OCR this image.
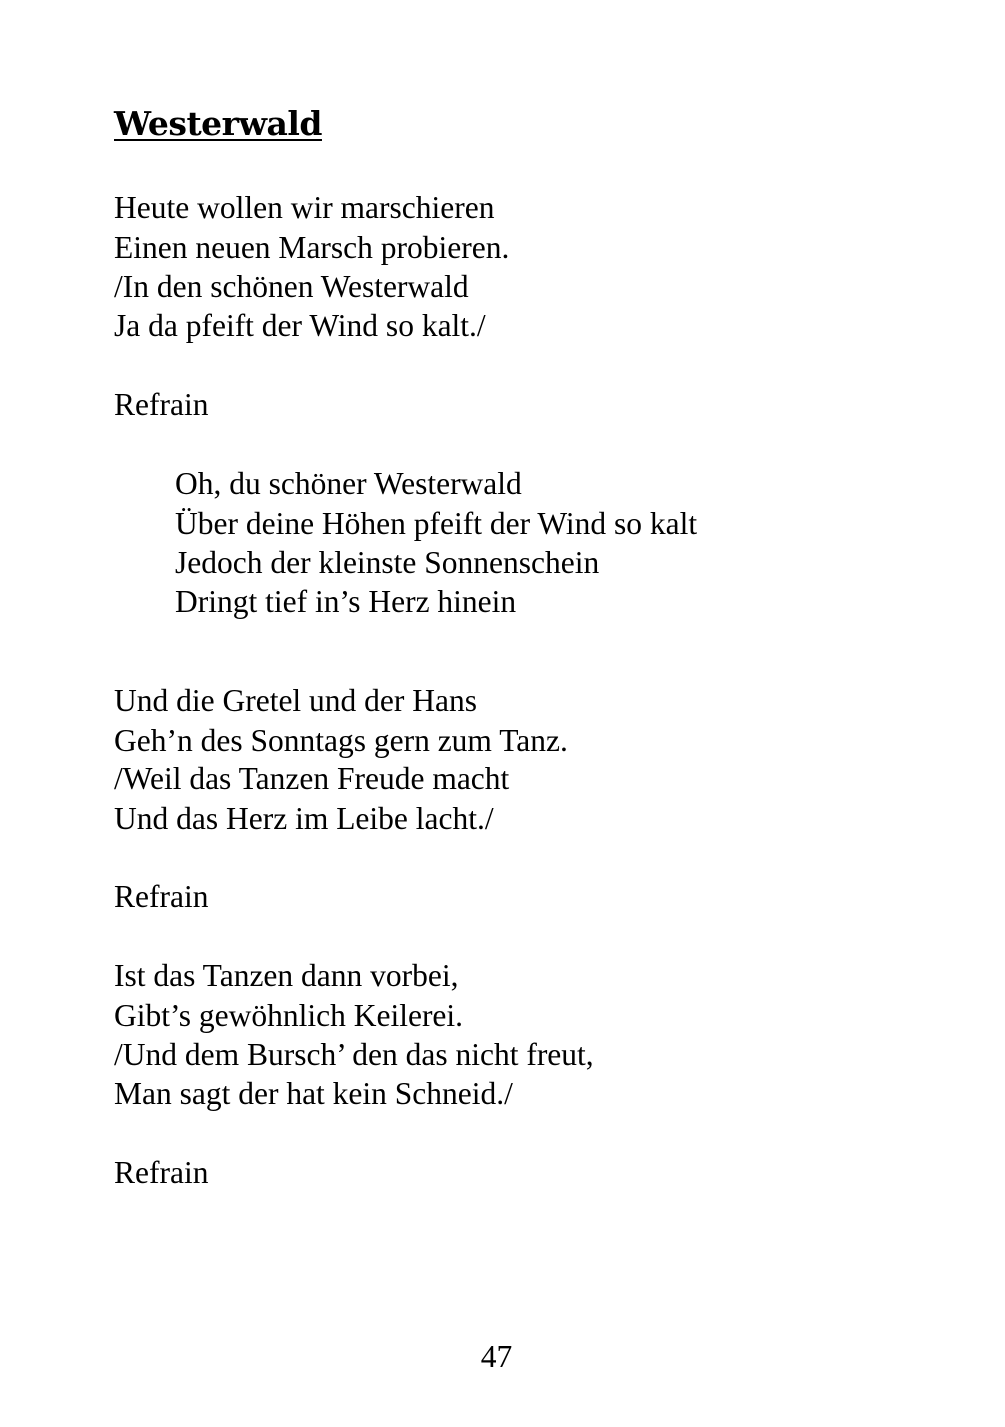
Westerwald

Heute wollen wir marschieren

Einen neuen Marsch probieren.

/In den schönen Westerwald

Ja da pfeift der Wind so kalt./

Refrain

Oh, du schöner Westerwald

Über deine Höhen pfeift der Wind so kalt

Jedoch der kleinste Sonnenschein

Dringt tief in’s Herz hinein

Und die Gretel und der Hans

Geh’n des Sonntags gern zum Tanz.

/Weil das Tanzen Freude macht

Und das Herz im Leibe lacht./

Refrain

Ist das Tanzen dann vorbei,

Gibt’s gewöhnlich Keilerei.

/Und dem Bursch’ den das nicht freut,

Man sagt der hat kein Schneid./

Refrain

47
